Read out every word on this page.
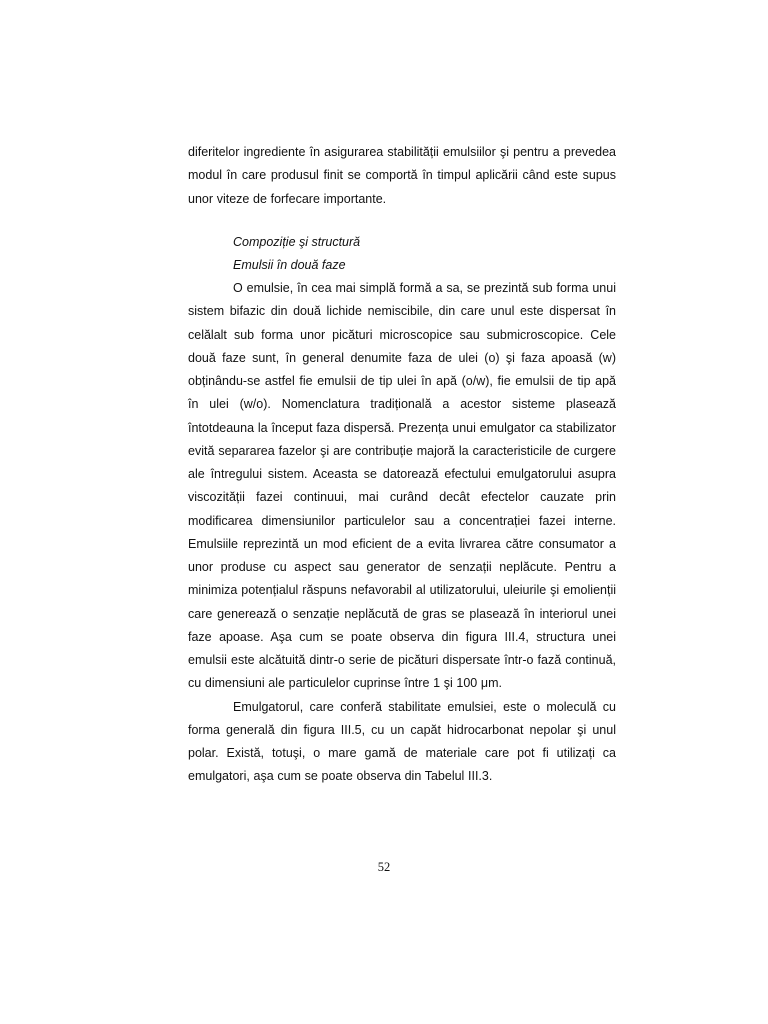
diferitelor ingrediente în asigurarea stabilității emulsiilor şi pentru a prevedea modul în care produsul finit se comportă în timpul aplicării când este supus unor viteze de forfecare importante.

Compoziție şi structură
Emulsii în două faze

O emulsie, în cea mai simplă formă a sa, se prezintă sub forma unui sistem bifazic din două lichide nemiscibile, din care unul este dispersat în celălalt sub forma unor picături microscopice sau submicroscopice. Cele două faze sunt, în general denumite faza de ulei (o) şi faza apoasă (w) obținându-se astfel fie emulsii de tip ulei în apă (o/w), fie emulsii de tip apă în ulei (w/o). Nomenclatura tradițională a acestor sisteme plasează întotdeauna la început faza dispersă. Prezența unui emulgator ca stabilizator evită separarea fazelor şi are contribuție majoră la caracteristicile de curgere ale întregului sistem. Aceasta se datorează efectului emulgatorului asupra viscozității fazei continuui, mai curând decât efectelor cauzate prin modificarea dimensiunilor particulelor sau a concentrației fazei interne. Emulsiile reprezintă un mod eficient de a evita livrarea către consumator a unor produse cu aspect sau generator de senzații neplăcute. Pentru a minimiza potențialul răspuns nefavorabil al utilizatorului, uleiurile şi emolienții care generează o senzație neplăcută de gras se plasează în interiorul unei faze apoase. Aşa cum se poate observa din figura III.4, structura unei emulsii este alcătuită dintr-o serie de picături dispersate într-o fază continuă, cu dimensiuni ale particulelor cuprinse între 1 şi 100 μm.

Emulgatorul, care conferă stabilitate emulsiei, este o moleculă cu forma generală din figura III.5, cu un capăt hidrocarbonat nepolar şi unul polar. Există, totuşi, o mare gamă de materiale care pot fi utilizați ca emulgatori, aşa cum se poate observa din Tabelul III.3.

52
